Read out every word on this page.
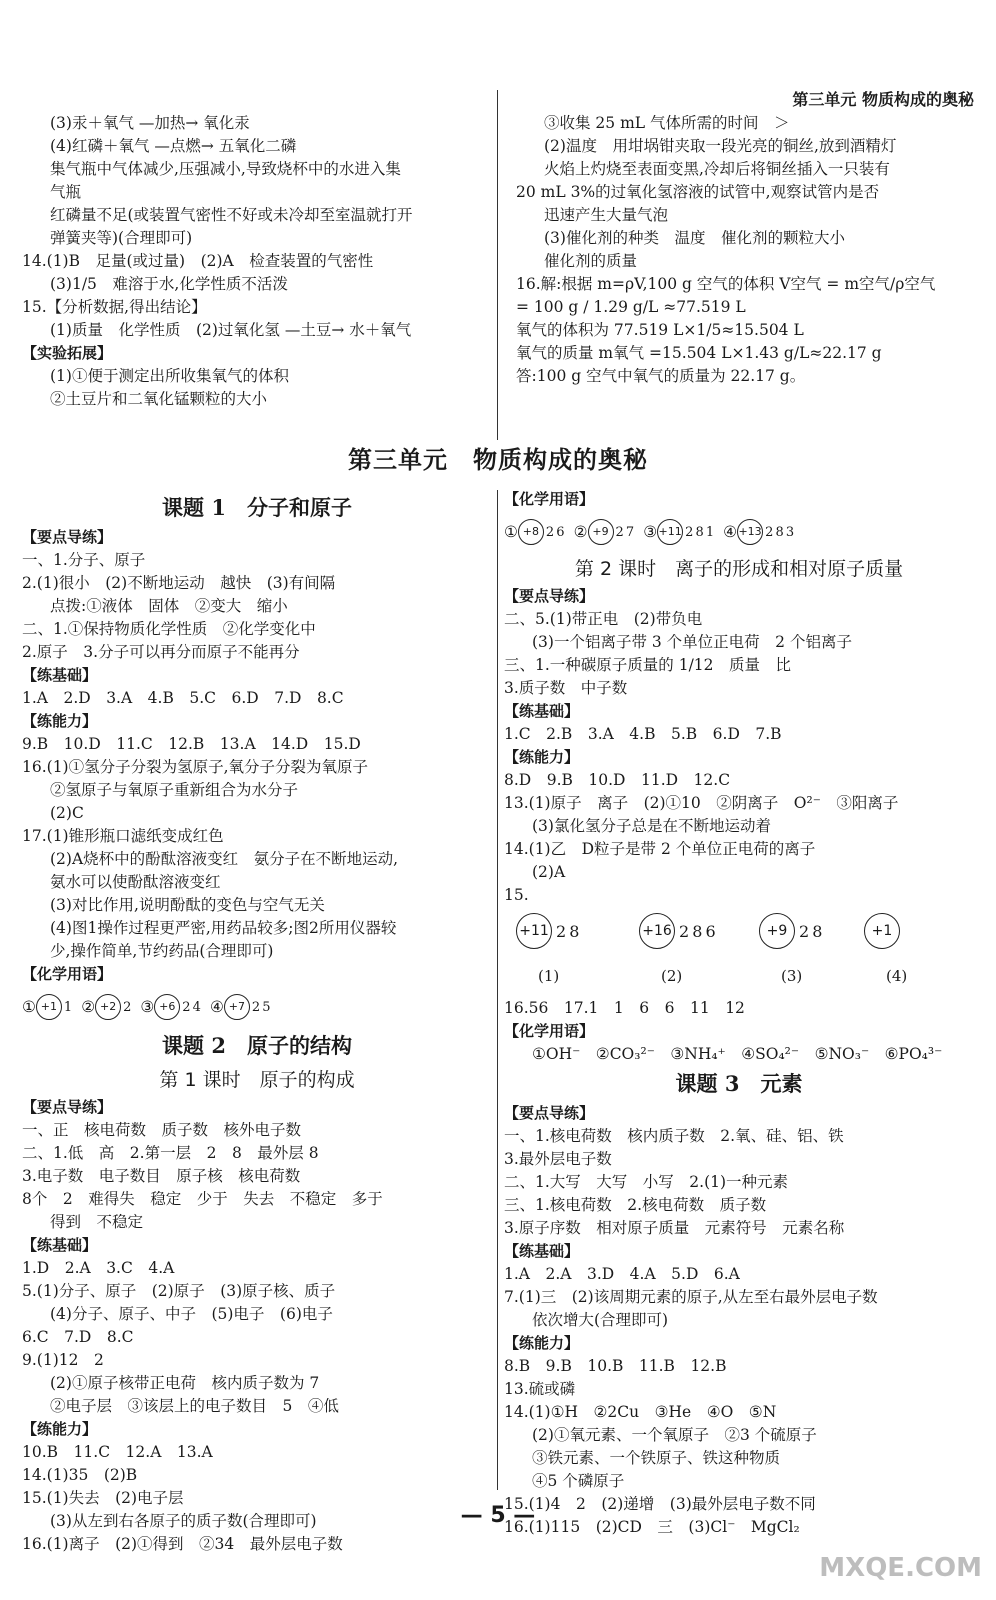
第三单元 物质构成的奥秘
(3)汞＋氧气 —加热→ 氧化汞
(4)红磷＋氧气 —点燃→ 五氧化二磷
集气瓶中气体减少,压强减小,导致烧杯中的水进入集
气瓶
红磷量不足(或装置气密性不好或未冷却至室温就打开
弹簧夹等)(合理即可)
14.(1)B　足量(或过量)　(2)A　检查装置的气密性
(3)1/5　难溶于水,化学性质不活泼
15.【分析数据,得出结论】
(1)质量　化学性质　(2)过氧化氢 —土豆→ 水＋氧气
【实验拓展】
(1)①便于测定出所收集氧气的体积
②土豆片和二氧化锰颗粒的大小
③收集 25 mL 气体所需的时间　＞
(2)温度　用坩埚钳夹取一段光亮的铜丝,放到酒精灯
火焰上灼烧至表面变黑,冷却后将铜丝插入一只装有
20 mL 3%的过氧化氢溶液的试管中,观察试管内是否
迅速产生大量气泡
(3)催化剂的种类　温度　催化剂的颗粒大小
催化剂的质量
16.解:根据 m=ρV,100 g 空气的体积 V空气 = m空气/ρ空气
= 100 g / 1.29 g/L ≈77.519 L
氧气的体积为 77.519 L×1/5≈15.504 L
氧气的质量 m氧气 =15.504 L×1.43 g/L≈22.17 g
答:100 g 空气中氧气的质量为 22.17 g。
第三单元　物质构成的奥秘
课题 1　分子和原子
【要点导练】
一、1.分子、原子
2.(1)很小　(2)不断地运动　越快　(3)有间隔
点拨:①液体　固体　②变大　缩小
二、1.①保持物质化学性质　②化学变化中
2.原子　3.分子可以再分而原子不能再分
【练基础】
1.A　2.D　3.A　4.B　5.C　6.D　7.D　8.C
【练能力】
9.B　10.D　11.C　12.B　13.A　14.D　15.D
16.(1)①氢分子分裂为氢原子,氧分子分裂为氧原子
②氢原子与氧原子重新组合为水分子
(2)C
17.(1)锥形瓶口滤纸变成红色
(2)A烧杯中的酚酞溶液变红　氨分子在不断地运动,
氨水可以使酚酞溶液变红
(3)对比作用,说明酚酞的变色与空气无关
(4)图1操作过程更严密,用药品较多;图2所用仪器较
少,操作简单,节约药品(合理即可)
【化学用语】
① +1 1 ② +2 2 ③ +6 2 4 ④ +7 2 5
课题 2　原子的结构
第 1 课时　原子的构成
【要点导练】
一、正　核电荷数　质子数　核外电子数
二、1.低　高　2.第一层　2　8　最外层 8
3.电子数　电子数目　原子核　核电荷数
8个　2　难得失　稳定　少于　失去　不稳定　多于
得到　不稳定
【练基础】
1.D　2.A　3.C　4.A
5.(1)分子、原子　(2)原子　(3)原子核、质子
(4)分子、原子、中子　(5)电子　(6)电子
6.C　7.D　8.C
9.(1)12　2
(2)①原子核带正电荷　核内质子数为 7
②电子层　③该层上的电子数目　5　④低
【练能力】
10.B　11.C　12.A　13.A
14.(1)35　(2)B
15.(1)失去　(2)电子层
(3)从左到右各原子的质子数(合理即可)
16.(1)离子　(2)①得到　②34　最外层电子数
【化学用语】
① +8 2 6 ② +9 2 7 ③ +11 2 8 1 ④ +13 2 8 3
第 2 课时　离子的形成和相对原子质量
【要点导练】
二、5.(1)带正电　(2)带负电
(3)一个铝离子带 3 个单位正电荷　2 个铝离子
三、1.一种碳原子质量的 1/12　质量　比
3.质子数　中子数
【练基础】
1.C　2.B　3.A　4.B　5.B　6.D　7.B
【练能力】
8.D　9.B　10.D　11.D　12.C
13.(1)原子　离子　(2)①10　②阴离子　O²⁻　③阳离子
(3)氯化氢分子总是在不断地运动着
14.(1)乙　D粒子是带 2 个单位正电荷的离子
(2)A
15.
+11 2 8
(1)
+16 2 8 6
(2)
+9 2 8
(3)
+1
(4)
16.56　17.1　1　6　6　11　12
【化学用语】
①OH⁻　②CO₃²⁻　③NH₄⁺　④SO₄²⁻　⑤NO₃⁻　⑥PO₄³⁻
课题 3　元素
【要点导练】
一、1.核电荷数　核内质子数　2.氧、硅、铝、铁
3.最外层电子数
二、1.大写　大写　小写　2.(1)一种元素
三、1.核电荷数　2.核电荷数　质子数
3.原子序数　相对原子质量　元素符号　元素名称
【练基础】
1.A　2.A　3.D　4.A　5.D　6.A
7.(1)三　(2)该周期元素的原子,从左至右最外层电子数
依次增大(合理即可)
【练能力】
8.B　9.B　10.B　11.B　12.B
13.硫或磷
14.(1)①H　②2Cu　③He　④O　⑤N
(2)①氧元素、一个氧原子　②3 个硫原子
③铁元素、一个铁原子、铁这种物质
④5 个磷原子
15.(1)4　2　(2)递增　(3)最外层电子数不同
16.(1)115　(2)CD　三　(3)Cl⁻　MgCl₂
— 5 —
MXQE.COM
